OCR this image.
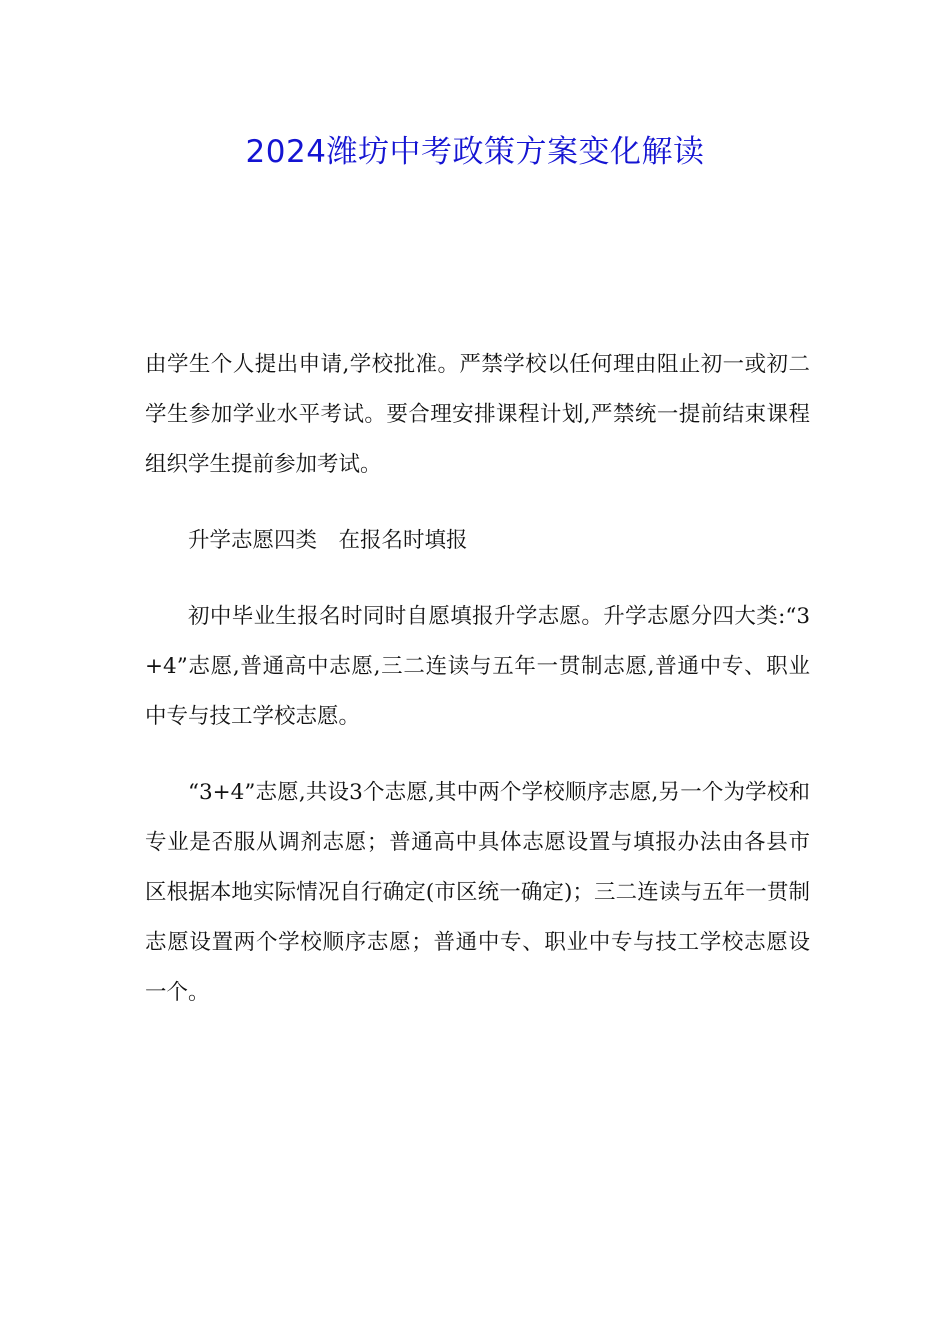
2024潍坊中考政策方案变化解读

由学生个人提出申请,学校批准。严禁学校以任何理由阻止初一或初二学生参加学业水平考试。要合理安排课程计划,严禁统一提前结束课程组织学生提前参加考试。

升学志愿四类　在报名时填报

初中毕业生报名时同时自愿填报升学志愿。升学志愿分四大类:“3+4”志愿,普通高中志愿,三二连读与五年一贯制志愿,普通中专、职业中专与技工学校志愿。

“3+4”志愿,共设3个志愿,其中两个学校顺序志愿,另一个为学校和专业是否服从调剂志愿；普通高中具体志愿设置与填报办法由各县市区根据本地实际情况自行确定(市区统一确定)；三二连读与五年一贯制志愿设置两个学校顺序志愿；普通中专、职业中专与技工学校志愿设一个。
